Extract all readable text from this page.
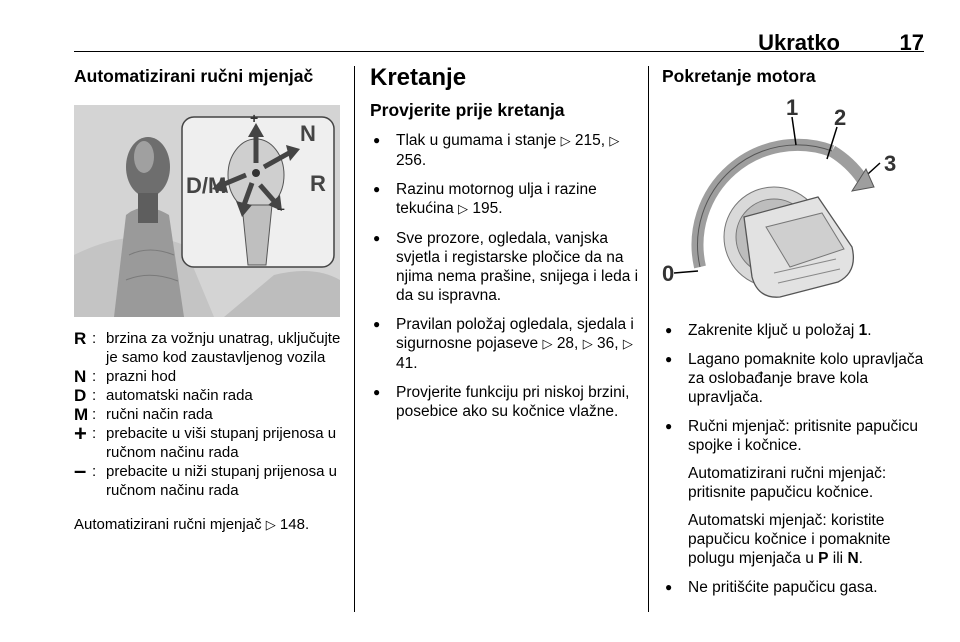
Ukratko	17
Automatizirani ručni mjenjač
+
–
D/M
N
R
R : brzina za vožnju unatrag, uključujte je samo kod zaustavljenog vozila
N : prazni hod
D : automatski način rada
M : ručni način rada
+ : prebacite u viši stupanj prijenosa u ručnom načinu rada
– : prebacite u niži stupanj prijenosa u ručnom načinu rada
Automatizirani ručni mjenjač ▷ 148.
Kretanje
Provjerite prije kretanja
● Tlak u gumama i stanje ▷ 215, ▷ 256.
● Razinu motornog ulja i razine tekućina ▷ 195.
● Sve prozore, ogledala, vanjska svjetla i registarske pločice da na njima nema prašine, snijega i leda i da su ispravna.
● Pravilan položaj ogledala, sjedala i sigurnosne pojaseve ▷ 28, ▷ 36, ▷ 41.
● Provjerite funkciju pri niskoj brzini, posebice ako su kočnice vlažne.
Pokretanje motora
0
1 2
3
● Zakrenite ključ u položaj 1.
● Lagano pomaknite kolo upravljača za oslobađanje brave kola upravljača.
● Ručni mjenjač: pritisnite papučicu spojke i kočnice.
Automatizirani ručni mjenjač: pritisnite papučicu kočnice.
Automatski mjenjač: koristite papučicu kočnice i pomaknite polugu mjenjača u P ili N.
● Ne pritišćite papučicu gasa.
